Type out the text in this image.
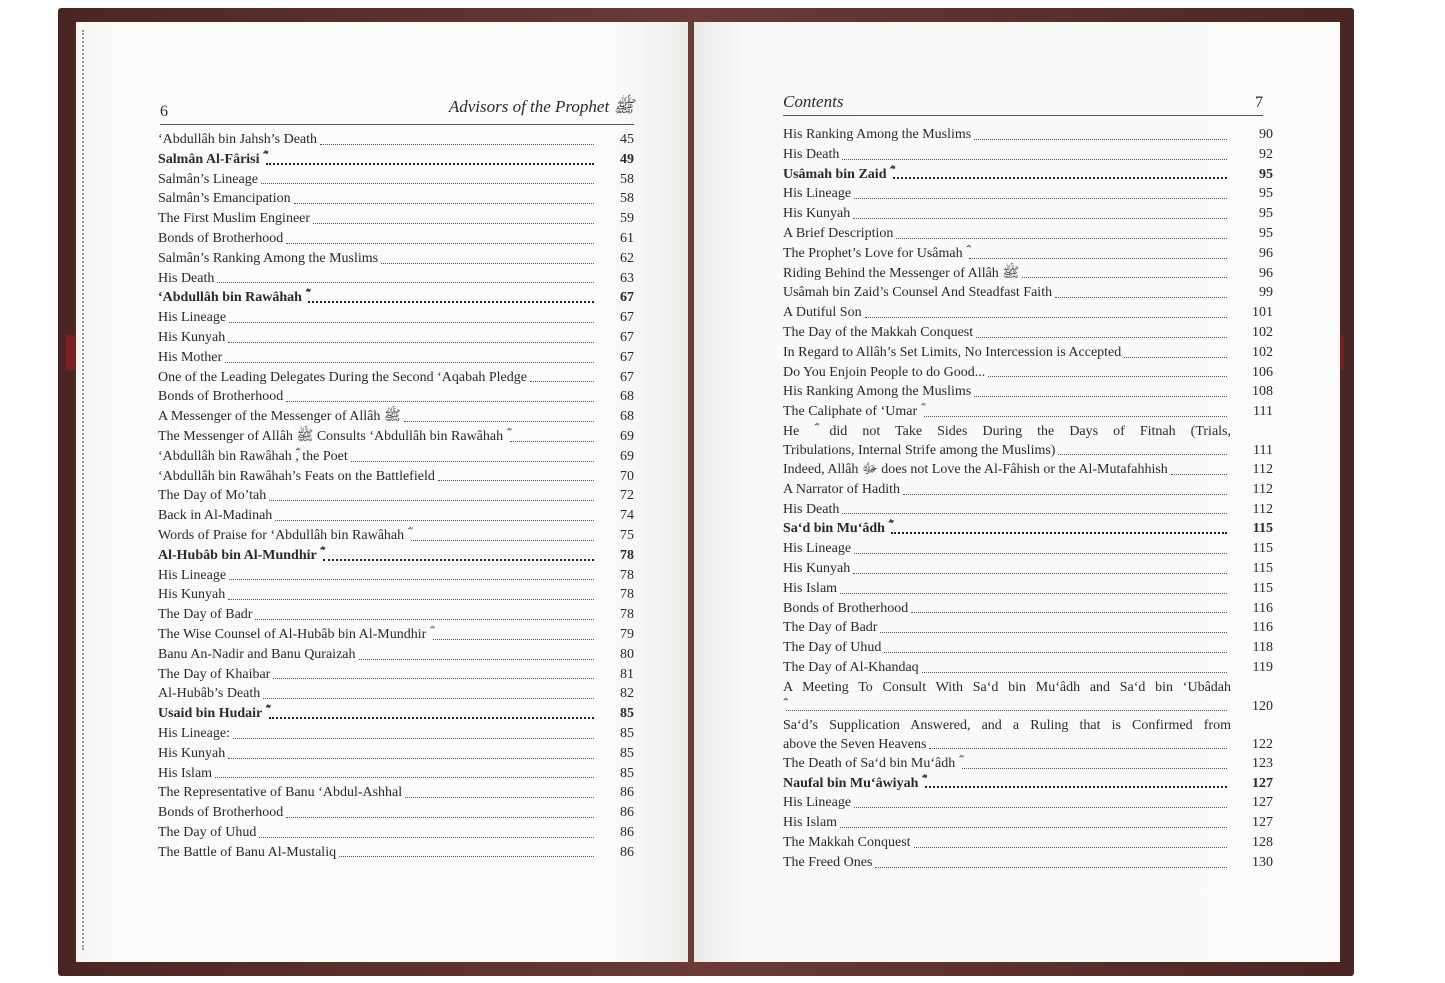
6	Advisors of the Prophet ﷺ	Contents	7
‘Abdullâh bin Jahsh’s Death	45
Salmân Al-Fârisi ؓ	49
Salmân’s Lineage	58
Salmân’s Emancipation	58
The First Muslim Engineer	59
Bonds of Brotherhood	61
Salmân’s Ranking Among the Muslims	62
His Death	63
‘Abdullâh bin Rawâhah ؓ	67
His Lineage	67
His Kunyah	67
His Mother	67
One of the Leading Delegates During the Second ‘Aqabah Pledge	67
Bonds of Brotherhood	68
A Messenger of the Messenger of Allâh ﷺ	68
The Messenger of Allâh ﷺ Consults ‘Abdullâh bin Rawâhah ؓ	69
‘Abdullâh bin Rawâhah ؓ, the Poet	69
‘Abdullâh bin Rawâhah’s Feats on the Battlefield	70
The Day of Mo’tah	72
Back in Al-Madinah	74
Words of Praise for ‘Abdullâh bin Rawâhah ؓ	75
Al-Hubâb bin Al-Mundhir ؓ	78
His Lineage	78
His Kunyah	78
The Day of Badr	78
The Wise Counsel of Al-Hubâb bin Al-Mundhir ؓ	79
Banu An-Nadir and Banu Quraizah	80
The Day of Khaibar	81
Al-Hubâb’s Death	82
Usaid bin Hudair ؓ	85
His Lineage:	85
His Kunyah	85
His Islam	85
The Representative of Banu ‘Abdul-Ashhal	86
Bonds of Brotherhood	86
The Day of Uhud	86
The Battle of Banu Al-Mustaliq	86
His Ranking Among the Muslims	90
His Death	92
Usâmah bin Zaid ؓ	95
His Lineage	95
His Kunyah	95
A Brief Description	95
The Prophet’s Love for Usâmah ؓ	96
Riding Behind the Messenger of Allâh ﷺ	96
Usâmah bin Zaid’s Counsel And Steadfast Faith	99
A Dutiful Son	101
The Day of the Makkah Conquest	102
In Regard to Allâh’s Set Limits, No Intercession is Accepted	102
Do You Enjoin People to do Good...	106
His Ranking Among the Muslims	108
The Caliphate of ‘Umar ؓ	111
He ؓ did not Take Sides During the Days of Fitnah (Trials,
Tribulations, Internal Strife among the Muslims)	111
Indeed, Allâh ﷻ does not Love the Al-Fâhish or the Al-Mutafahhish	112
A Narrator of Hadith	112
His Death	112
Sa‘d bin Mu‘âdh ؓ	115
His Lineage	115
His Kunyah	115
His Islam	115
Bonds of Brotherhood	116
The Day of Badr	116
The Day of Uhud	118
The Day of Al-Khandaq	119
A Meeting To Consult With Sa‘d bin Mu‘âdh and Sa‘d bin ‘Ubâdah
120
Sa‘d’s Supplication Answered, and a Ruling that is Confirmed from
above the Seven Heavens	122
The Death of Sa‘d bin Mu‘âdh ؓ	123
Naufal bin Mu‘âwiyah ؓ	127
His Lineage	127
His Islam	127
The Makkah Conquest	128
The Freed Ones	130
